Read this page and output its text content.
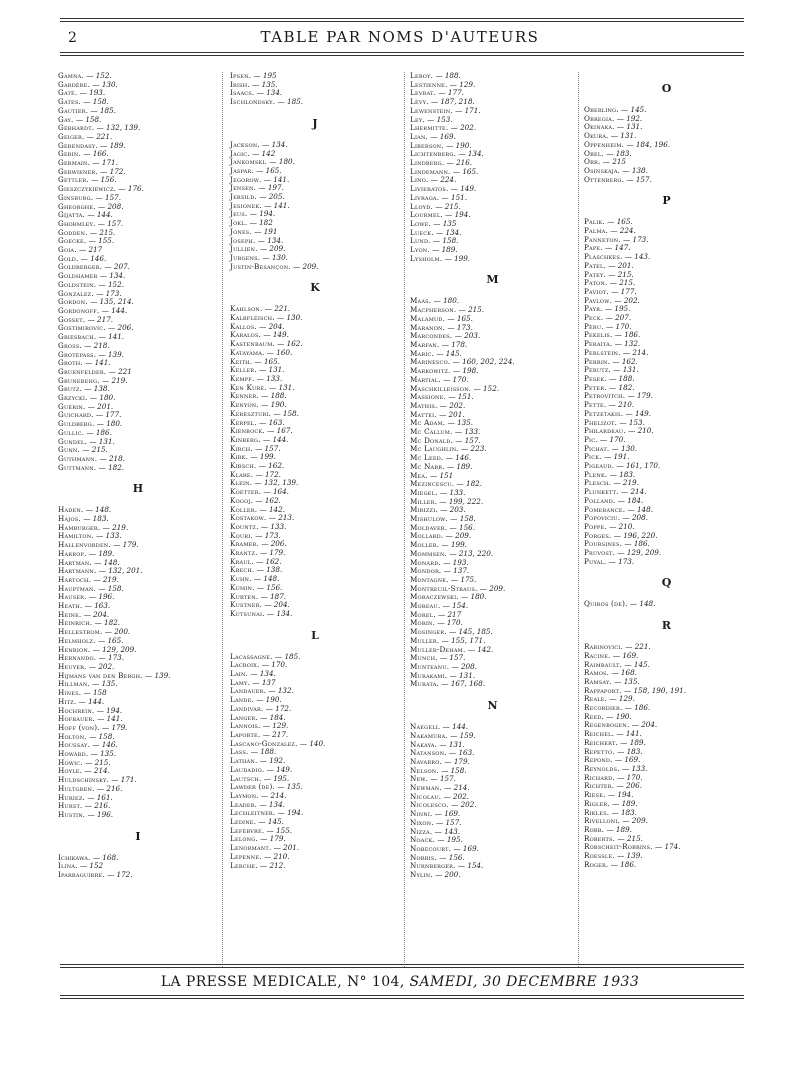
2	TABLE PAR NOMS D'AUTEURS
Gamna. — 152.
Gardère. — 130.
Gaté. — 193.
Gates. — 158.
Gautier. — 185.
Gay. — 158.
Gebhardt. — 132, 139.
Geiger. — 221.
Gerendasy. — 189.
Gerin. — 166.
Germain. — 171.
Gerwiener. — 172.
Gettler. — 156.
Gieszczykiewicz. — 176.
Ginsburg. — 157.
Gheorghe. — 208.
Gijatta. — 144.
Ghormley. — 157.
Godden. — 215.
Goecke. — 155.
Goia. — 217
Gold. — 146.
Goldberger. — 207.
Goldhamer — 134.
Goldstein. — 152.
Gonzalez. — 173.
Gordon. — 135, 214.
Gordonoff. — 144.
Gosset. — 217.
Gostimirovic. — 206.
Griesbach. — 141.
Gross. — 218.
Grotepass. — 139.
Groth. — 141.
Gruenfelder. — 221
Grunebehg. — 219.
Grutz. — 138.
Grzycki. — 180.
Guérin. — 201.
Guichard. — 177.
Guldberg. — 180.
Gullic. — 186.
Gundel. — 131.
Gunn. — 215.
Guthmann. — 218.
Guttmann. — 182.
H
Haden. — 148.
Hajos. — 183.
Hamburger. — 219.
Hamilton. — 133.
Hallenvorden. — 179.
Harrop. — 189.
Hartman. — 148.
Hartmann. — 132, 201.
Hartoch. — 219.
Hauptman. — 158.
Hauser. — 196.
Heath. — 163.
Heine. — 204.
Heinrich. — 182.
Hellestrom. — 200.
Helmholz. — 165.
Henrion. — 129, 209.
Hernando. — 173.
Heuyer. — 202.
Hijmans van den Bergh. — 139.
Hillman. — 135.
Hines. — 158
Hitz. — 144.
Hochrein. — 194.
Hofbauer. — 141.
Hoff (von). — 179.
Holton. — 158.
Houssay. — 146.
Howard. — 135.
Howic. — 215.
Hoyle. — 214.
Huldschinsky. — 171.
Hultgren. — 216.
Huriez. — 161.
Hurst. — 216.
Hustin. — 196.
I
Ichikawa. — 168.
Ilina. — 152
Iparraguirre. — 172.
Ipsen. — 195
Irish. — 135.
Isaacs. — 134.
Ischlondsky. — 185.
J
Jackson. — 134.
Jagic. — 142
Jankomski. — 180.
Jaspar. — 165.
Jegorow. — 141.
Jensen. — 197.
Jersild. — 205.
Jesionek. — 141.
Jeus. — 194.
Jokl. — 182
Jones. — 191
Joseph. — 134.
Jullien. — 209.
Jurgens. — 130.
Justin-Besançon. — 209.
K
Kahlson. — 221.
Kalbfleisch. — 130.
Kallos. — 204.
Karalos. — 149.
Kastenbaum. — 162.
Katayama. — 160.
Keith. — 165.
Keller. — 131.
Kempf. — 133.
Ken Kuré. — 131.
Kenner. — 188.
Kenyon. — 190.
Kereszturi. — 158.
Kerpel. — 163.
Kienbock. — 167.
Kinberg. — 144.
Kirch. — 157.
Kirk. — 199.
Kirsch. — 162.
Klare. — 172.
Klein. — 132, 139.
Koetter. — 164.
Kogoj. — 162.
Koller. — 142.
Kostakow. — 213.
Kountz. — 133.
Kouri. — 173.
Kramer. — 206.
Krantz. — 179.
Kraul. — 162.
Krech. — 138.
Kuhn. — 148.
Kumin. — 156.
Kurten. — 187.
Kustner. — 204.
Kutsunai. — 134.
L
Lacassagne. — 185.
Lacroix. — 170.
Lain. — 134.
Lamy. — 137
Landauer. — 132.
Lande. — 190.
Landivar. — 172.
Langer. — 184.
Lannois. — 129.
Laporte. — 217.
Lascano-Gonzalez. — 140.
Lass. — 188.
Lathan. — 192.
Laudadio. — 149.
Lautsch. — 195.
Lawder (de). — 135.
Laymon. — 214.
Leader. — 134.
Lechleitner. — 194.
Ledine. — 145.
Lefèbvre. — 155.
Lelong. — 179.
Lenormant. — 201.
Lepenne. — 210.
Lerche. — 212.
Leroy. — 188.
Lestienne. — 129.
Levrat. — 177.
Lévy. — 187, 218.
Lewenstein. — 171.
Ley. — 153.
Lhermitte. — 202.
Lian. — 169.
Liberson. — 190.
Lichtenberg. — 134.
Lindberg. — 216.
Lindemann. — 165.
Lino. — 224.
Livieratos. — 149.
Livraga. — 151.
Lloyd. — 215.
Lourmel. — 194.
Lowe. — 135
Lueck. — 134.
Lund. — 158.
Lyon. — 189.
Lysholm. — 199.
M
Maas. — 180.
Macpherson. — 215.
Malamud. — 165.
Maranon. — 173.
Marcondes. — 203.
Marfan. — 178.
Maric. — 145.
Marinesco. — 160, 202, 224.
Markowitz. — 198.
Martial. — 170.
Maschkilleisson. — 152.
Massione. — 151.
Mathis. — 202.
Mattei. — 201.
Mc Adam. — 135.
Mc Callum. — 133.
Mc Donald. — 157.
Mc Laughlin. — 223.
Mc Leed. — 146.
Mc Nabb. — 189.
Mea. — 151
Mezincescu. — 182.
Miegel. — 133.
Miller. — 199, 222.
Mirizzi. — 203.
Mishulow. — 158.
Moldaver. — 156.
Mollard. — 209.
Moller. — 199.
Mommsen. — 213, 220.
Monard. — 193.
Mondor. — 137.
Montagne. — 175.
Montreuil-Straus. — 209.
Moraczewski. — 180.
Moreau. — 154.
Morel. — 217
Morin. — 170.
Mosinger. — 145, 185.
Muller. — 155, 171.
Muller-Deham. — 142.
Munch. — 157.
Munteanu. — 208.
Murakami. — 131.
Murata. — 167, 168.
N
Naegeli. — 144.
Nakamura. — 159.
Nakaya. — 131.
Natanson. — 163.
Navarro. — 179.
Nelson. — 158.
New. — 157.
Newman. — 214.
Nicolau. — 202.
Nicolesco. — 202.
Ninni. — 169.
Nixon. — 157.
Nizza. — 143.
Noack. — 195.
Nobécourt. — 169.
Norris. — 156.
Nurnberger. — 154.
Nylin. — 200.
O
Oberling. — 145.
Obregia. — 192.
Okinaka. — 131.
Okura. — 131.
Oppenheim. — 184, 196.
Orel. — 183.
Orr. — 215
Osinskaja. — 138.
Ottenberg. — 157.
P
Palik. — 165.
Palma. — 224.
Panneton. — 173.
Pape. — 147.
Plaschkes. — 143.
Patel. — 201.
Patey. — 215.
Paton. — 215.
Paviot. — 177.
Pavlow. — 202.
Payr. — 195.
Peck. — 207.
Péru. — 170.
Pekelis. — 186.
Peraita. — 132.
Perlstein. — 214.
Perrin. — 162.
Perutz. — 131.
Pesek. — 188.
Peter. — 182.
Petrovitch. — 179.
Pette. — 210.
Petzetakis. — 149.
Phelizot. — 153.
Philardeau. — 210.
Pic. — 170.
Pichat. — 130.
Pick. — 191.
Pigeaud. — 161, 170.
Plenk. — 183.
Plesch. — 219.
Plunkett. — 214.
Polland. — 184.
Pomerance. — 148.
Popoviciu. — 208.
Poppe. — 210.
Porges. — 196, 220.
Poursines. — 186.
Pruvost. — 129, 209.
Puyal. — 173.
Q
Quiros (de). — 148.
R
Rabinovici. — 221.
Racine. — 169.
Raimbault. — 145.
Ramos. — 168.
Ramsay. — 135.
Rappaport. — 158, 190, 191.
Reale. — 129.
Recordier. — 186.
Reed. — 190.
Regenbogen. — 204.
Reichel. — 141.
Reichert. — 189.
Repetto. — 183.
Repond. — 169.
Reynolds. — 133.
Richard. — 170.
Richter. — 206.
Riese. — 194.
Rigler. — 189.
Rikles. — 183.
Rivelloni. — 209.
Robb. — 189.
Roberts. — 215.
Robscheit-Robbins. — 174.
Roessle. — 139.
Roger. — 186.
LA PRESSE MEDICALE, N° 104, SAMEDI, 30 DECEMBRE 1933
